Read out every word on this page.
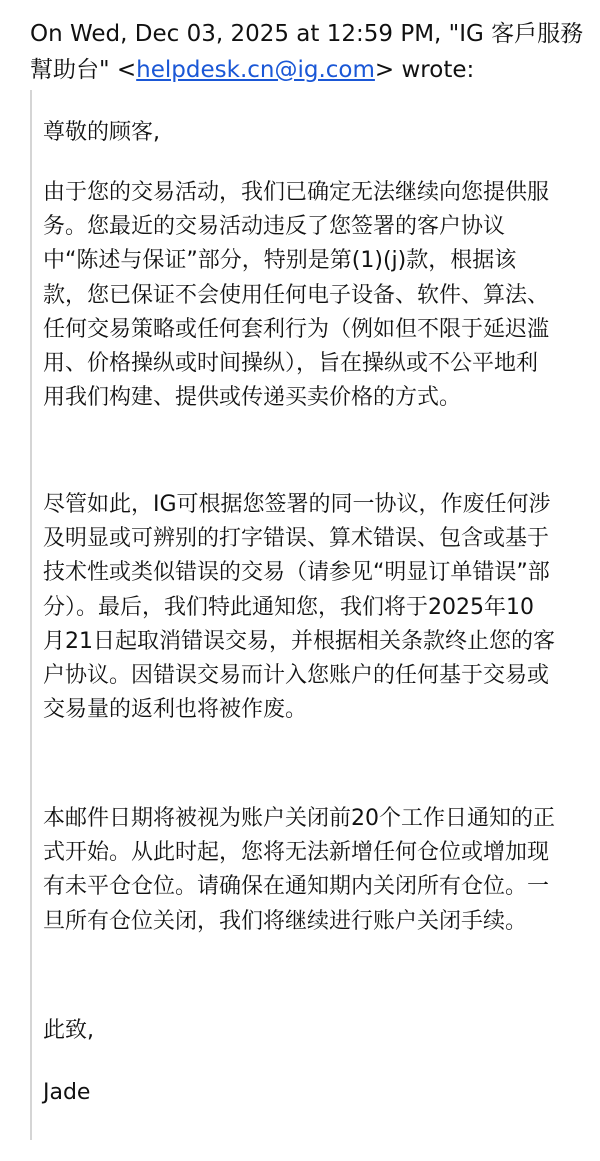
On Wed, Dec 03, 2025 at 12:59 PM, "IG 客戶服務幫助台" <helpdesk.cn@ig.com> wrote:

尊敬的顾客,

由于您的交易活动，我们已确定无法继续向您提供服务。您最近的交易活动违反了您签署的客户协议中“陈述与保证”部分，特别是第(1)(j)款，根据该款，您已保证不会使用任何电子设备、软件、算法、任何交易策略或任何套利行为（例如但不限于延迟滥用、价格操纵或时间操纵），旨在操纵或不公平地利用我们构建、提供或传递买卖价格的方式。

尽管如此，IG可根据您签署的同一协议，作废任何涉及明显或可辨别的打字错误、算术错误、包含或基于技术性或类似错误的交易（请参见“明显订单错误”部分）。最后，我们特此通知您，我们将于2025年10月21日起取消错误交易，并根据相关条款终止您的客户协议。因错误交易而计入您账户的任何基于交易或交易量的返利也将被作废。

本邮件日期将被视为账户关闭前20个工作日通知的正式开始。从此时起，您将无法新增任何仓位或增加现有未平仓仓位。请确保在通知期内关闭所有仓位。一旦所有仓位关闭，我们将继续进行账户关闭手续。

此致,

Jade
